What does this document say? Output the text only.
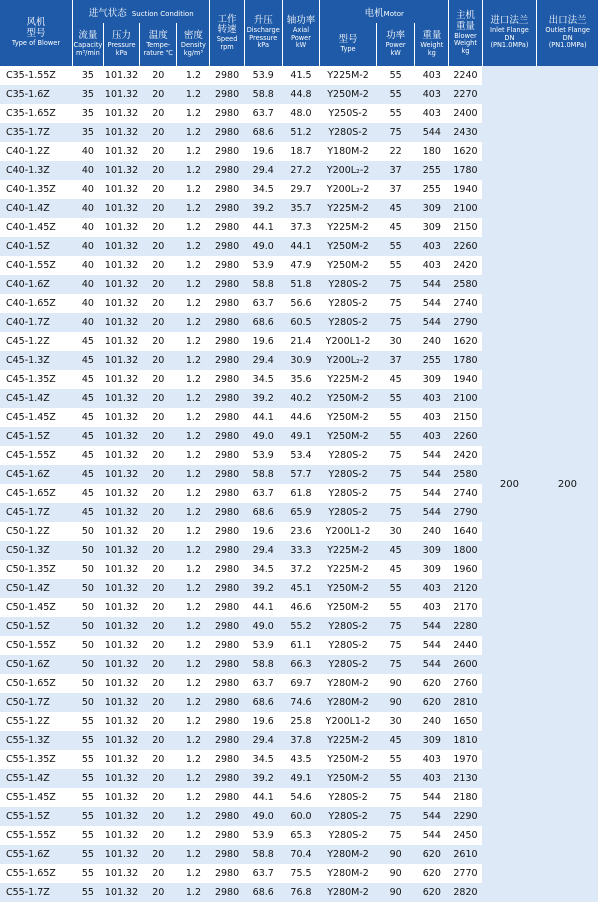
风机
型号
Type of Blower	进气状态 Suction Condition				工作
转速
Speed
rpm	升压
Discharge
Pressure
kPa	轴功率
Axial
Power
kW	电机Motor			主机
重量
Blower
Weight
kg	进口法兰
Inlet Flange
DN
(PN1.0MPa)	出口法兰
Outlet Flange
DN
(PN1.0MPa)

	流量
Capacity
m³/min	压力
Pressure
kPa	温度
Tempe-
rature ℃	密度
Density
kg/m³				型号
Type	功率
Power
kW	重量
Weight
kg			

C35-1.55Z	35	101.32	20	1.2	2980	53.9	41.5	Y225M-2	55	403	2240	200	200
C35-1.6Z	35	101.32	20	1.2	2980	58.8	44.8	Y250M-2	55	403	2270		
C35-1.65Z	35	101.32	20	1.2	2980	63.7	48.0	Y250S-2	55	403	2400		
C35-1.7Z	35	101.32	20	1.2	2980	68.6	51.2	Y280S-2	75	544	2430		
C40-1.2Z	40	101.32	20	1.2	2980	19.6	18.7	Y180M-2	22	180	1620		
C40-1.3Z	40	101.32	20	1.2	2980	29.4	27.2	Y200L₂-2	37	255	1780		
C40-1.35Z	40	101.32	20	1.2	2980	34.5	29.7	Y200L₂-2	37	255	1940		
C40-1.4Z	40	101.32	20	1.2	2980	39.2	35.7	Y225M-2	45	309	2100		
C40-1.45Z	40	101.32	20	1.2	2980	44.1	37.3	Y225M-2	45	309	2150		
C40-1.5Z	40	101.32	20	1.2	2980	49.0	44.1	Y250M-2	55	403	2260		
C40-1.55Z	40	101.32	20	1.2	2980	53.9	47.9	Y250M-2	55	403	2420		
C40-1.6Z	40	101.32	20	1.2	2980	58.8	51.8	Y280S-2	75	544	2580		
C40-1.65Z	40	101.32	20	1.2	2980	63.7	56.6	Y280S-2	75	544	2740		
C40-1.7Z	40	101.32	20	1.2	2980	68.6	60.5	Y280S-2	75	544	2790		
C45-1.2Z	45	101.32	20	1.2	2980	19.6	21.4	Y200L1-2	30	240	1620		
C45-1.3Z	45	101.32	20	1.2	2980	29.4	30.9	Y200L₂-2	37	255	1780		
C45-1.35Z	45	101.32	20	1.2	2980	34.5	35.6	Y225M-2	45	309	1940		
C45-1.4Z	45	101.32	20	1.2	2980	39.2	40.2	Y250M-2	55	403	2100		
C45-1.45Z	45	101.32	20	1.2	2980	44.1	44.6	Y250M-2	55	403	2150		
C45-1.5Z	45	101.32	20	1.2	2980	49.0	49.1	Y250M-2	55	403	2260		
C45-1.55Z	45	101.32	20	1.2	2980	53.9	53.4	Y280S-2	75	544	2420		
C45-1.6Z	45	101.32	20	1.2	2980	58.8	57.7	Y280S-2	75	544	2580		
C45-1.65Z	45	101.32	20	1.2	2980	63.7	61.8	Y280S-2	75	544	2740		
C45-1.7Z	45	101.32	20	1.2	2980	68.6	65.9	Y280S-2	75	544	2790		
C50-1.2Z	50	101.32	20	1.2	2980	19.6	23.6	Y200L1-2	30	240	1640		
C50-1.3Z	50	101.32	20	1.2	2980	29.4	33.3	Y225M-2	45	309	1800		
C50-1.35Z	50	101.32	20	1.2	2980	34.5	37.2	Y225M-2	45	309	1960		
C50-1.4Z	50	101.32	20	1.2	2980	39.2	45.1	Y250M-2	55	403	2120		
C50-1.45Z	50	101.32	20	1.2	2980	44.1	46.6	Y250M-2	55	403	2170		
C50-1.5Z	50	101.32	20	1.2	2980	49.0	55.2	Y280S-2	75	544	2280		
C50-1.55Z	50	101.32	20	1.2	2980	53.9	61.1	Y280S-2	75	544	2440		
C50-1.6Z	50	101.32	20	1.2	2980	58.8	66.3	Y280S-2	75	544	2600		
C50-1.65Z	50	101.32	20	1.2	2980	63.7	69.7	Y280M-2	90	620	2760		
C50-1.7Z	50	101.32	20	1.2	2980	68.6	74.6	Y280M-2	90	620	2810		
C55-1.2Z	55	101.32	20	1.2	2980	19.6	25.8	Y200L1-2	30	240	1650		
C55-1.3Z	55	101.32	20	1.2	2980	29.4	37.8	Y225M-2	45	309	1810		
C55-1.35Z	55	101.32	20	1.2	2980	34.5	43.5	Y250M-2	55	403	1970		
C55-1.4Z	55	101.32	20	1.2	2980	39.2	49.1	Y250M-2	55	403	2130		
C55-1.45Z	55	101.32	20	1.2	2980	44.1	54.6	Y280S-2	75	544	2180		
C55-1.5Z	55	101.32	20	1.2	2980	49.0	60.0	Y280S-2	75	544	2290		
C55-1.55Z	55	101.32	20	1.2	2980	53.9	65.3	Y280S-2	75	544	2450		
C55-1.6Z	55	101.32	20	1.2	2980	58.8	70.4	Y280M-2	90	620	2610		
C55-1.65Z	55	101.32	20	1.2	2980	63.7	75.5	Y280M-2	90	620	2770		
C55-1.7Z	55	101.32	20	1.2	2980	68.6	76.8	Y280M-2	90	620	2820		
